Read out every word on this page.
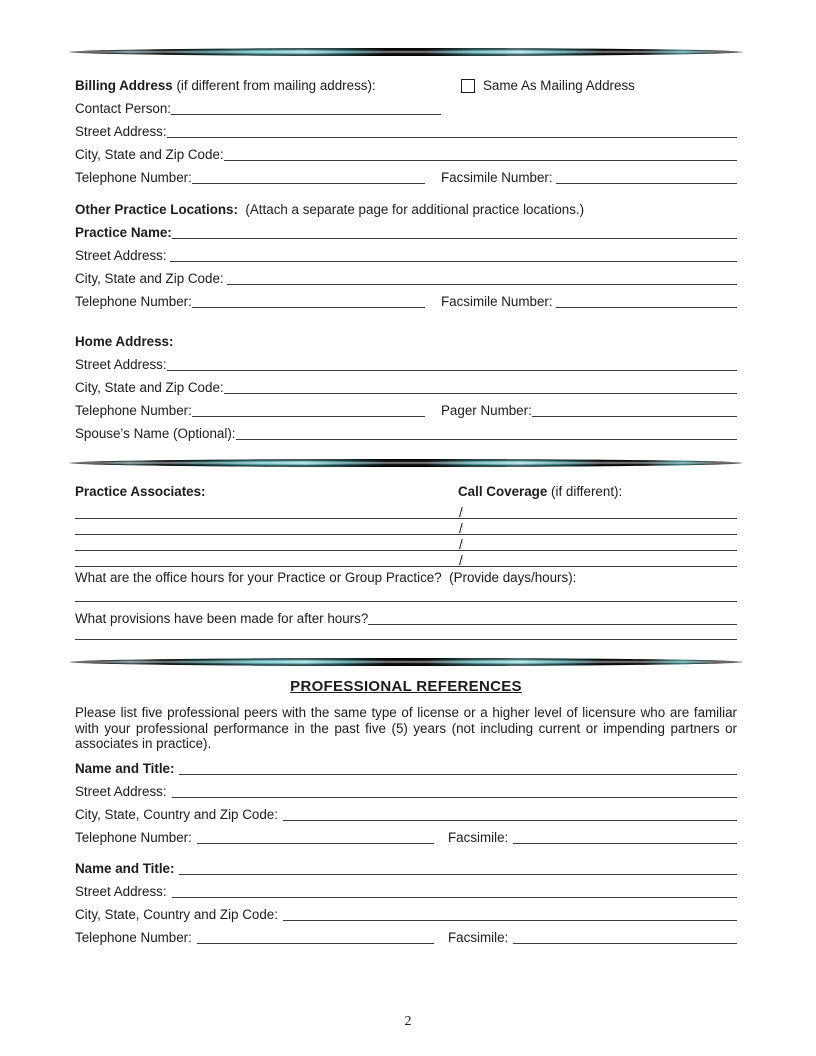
Billing Address (if different from mailing address):	Same As Mailing Address
Contact Person:
Street Address:
City, State and Zip Code:
Telephone Number:	Facsimile Number:
Other Practice Locations:  (Attach a separate page for additional practice locations.)
Practice Name:
Street Address:
City, State and Zip Code:
Telephone Number:	Facsimile Number:
Home Address:
Street Address:
City, State and Zip Code:
Telephone Number:	Pager Number:
Spouse’s Name (Optional):
Practice Associates:	Call Coverage (if different):
/
/
/
/
What are the office hours for your Practice or Group Practice?  (Provide days/hours):
What provisions have been made for after hours?
PROFESSIONAL REFERENCES
Please list five professional peers with the same type of license or a higher level of licensure who are familiar with your professional performance in the past five (5) years (not including current or impending partners or associates in practice).
Name and Title:
Street Address:
City, State, Country and Zip Code:
Telephone Number:	Facsimile:
Name and Title:
Street Address:
City, State, Country and Zip Code:
Telephone Number:	Facsimile:
2
